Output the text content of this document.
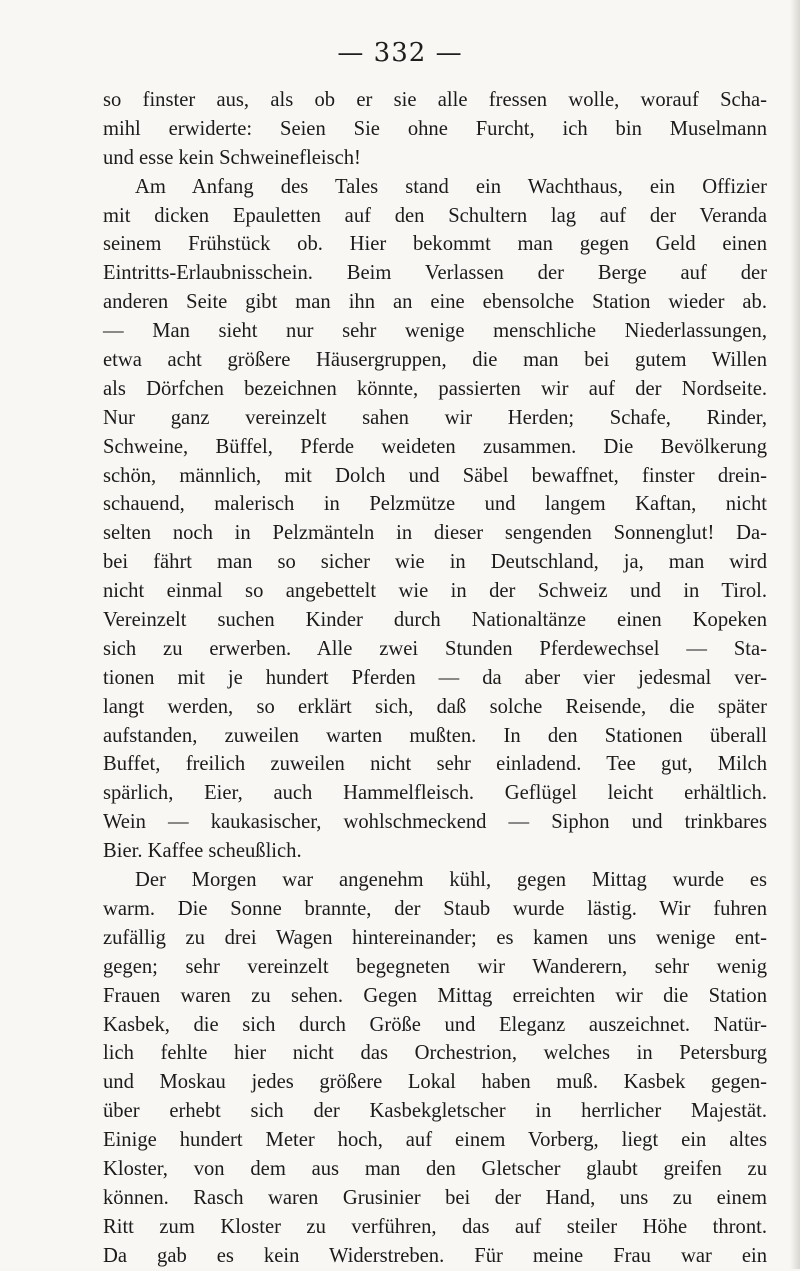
— 332 —
so finster aus, als ob er sie alle fressen wolle, worauf Scha-
mihl erwiderte: Seien Sie ohne Furcht, ich bin Muselmann
und esse kein Schweinefleisch!
Am Anfang des Tales stand ein Wachthaus, ein Offizier
mit dicken Epauletten auf den Schultern lag auf der Veranda
seinem Frühstück ob. Hier bekommt man gegen Geld einen
Eintritts-Erlaubnisschein. Beim Verlassen der Berge auf der
anderen Seite gibt man ihn an eine ebensolche Station wieder ab.
— Man sieht nur sehr wenige menschliche Niederlassungen,
etwa acht größere Häusergruppen, die man bei gutem Willen
als Dörfchen bezeichnen könnte, passierten wir auf der Nordseite.
Nur ganz vereinzelt sahen wir Herden; Schafe, Rinder,
Schweine, Büffel, Pferde weideten zusammen. Die Bevölkerung
schön, männlich, mit Dolch und Säbel bewaffnet, finster drein-
schauend, malerisch in Pelzmütze und langem Kaftan, nicht
selten noch in Pelzmänteln in dieser sengenden Sonnenglut! Da-
bei fährt man so sicher wie in Deutschland, ja, man wird
nicht einmal so angebettelt wie in der Schweiz und in Tirol.
Vereinzelt suchen Kinder durch Nationaltänze einen Kopeken
sich zu erwerben. Alle zwei Stunden Pferdewechsel — Sta-
tionen mit je hundert Pferden — da aber vier jedesmal ver-
langt werden, so erklärt sich, daß solche Reisende, die später
aufstanden, zuweilen warten mußten. In den Stationen überall
Buffet, freilich zuweilen nicht sehr einladend. Tee gut, Milch
spärlich, Eier, auch Hammelfleisch. Geflügel leicht erhältlich.
Wein — kaukasischer, wohlschmeckend — Siphon und trinkbares
Bier. Kaffee scheußlich.
Der Morgen war angenehm kühl, gegen Mittag wurde es
warm. Die Sonne brannte, der Staub wurde lästig. Wir fuhren
zufällig zu drei Wagen hintereinander; es kamen uns wenige ent-
gegen; sehr vereinzelt begegneten wir Wanderern, sehr wenig
Frauen waren zu sehen. Gegen Mittag erreichten wir die Station
Kasbek, die sich durch Größe und Eleganz auszeichnet. Natür-
lich fehlte hier nicht das Orchestrion, welches in Petersburg
und Moskau jedes größere Lokal haben muß. Kasbek gegen-
über erhebt sich der Kasbekgletscher in herrlicher Majestät.
Einige hundert Meter hoch, auf einem Vorberg, liegt ein altes
Kloster, von dem aus man den Gletscher glaubt greifen zu
können. Rasch waren Grusinier bei der Hand, uns zu einem
Ritt zum Kloster zu verführen, das auf steiler Höhe thront.
Da gab es kein Widerstreben. Für meine Frau war ein
